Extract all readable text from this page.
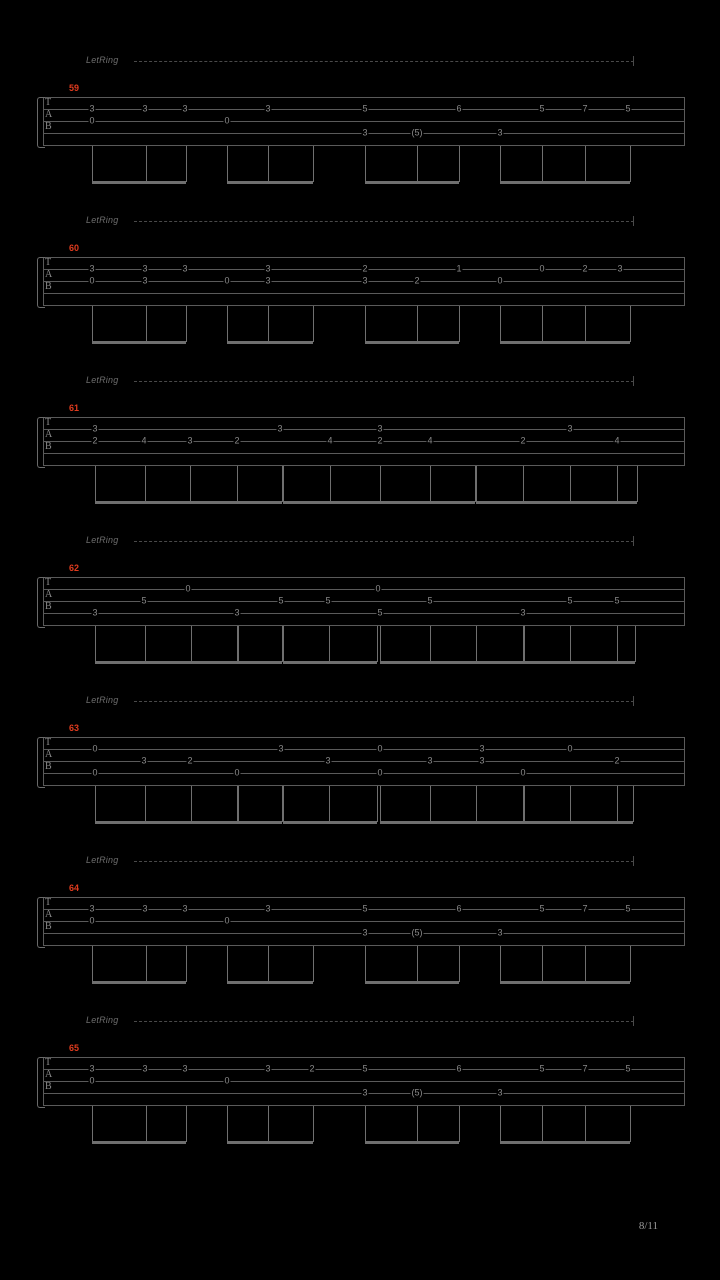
LetRing
59
3	3	3	3	5	6	5	7	5
0	0
3	(5)	3
T
A
B
LetRing
60
3	3	3	3	2	1	0	2	3
0	3	0	3	3	2	0
T
A
B
LetRing
61
3	3	3	3
2	4	3	2	4	2	4	2	4
T
A
B
LetRing
62
0	0
5	5	5	5	5	5
3	3	5	3
T
A
B
LetRing
63
0	3	0	3	0
3	2	3	3	3	2
0	0	0	0
T
A
B
LetRing
64
3	3	3	3	5	6	5	7	5
0	0
3	(5)	3
T
A
B
LetRing
65
3	3	3	3	2	5	6	5	7	5
0	0
3	(5)	3
T
A
B
8/11
